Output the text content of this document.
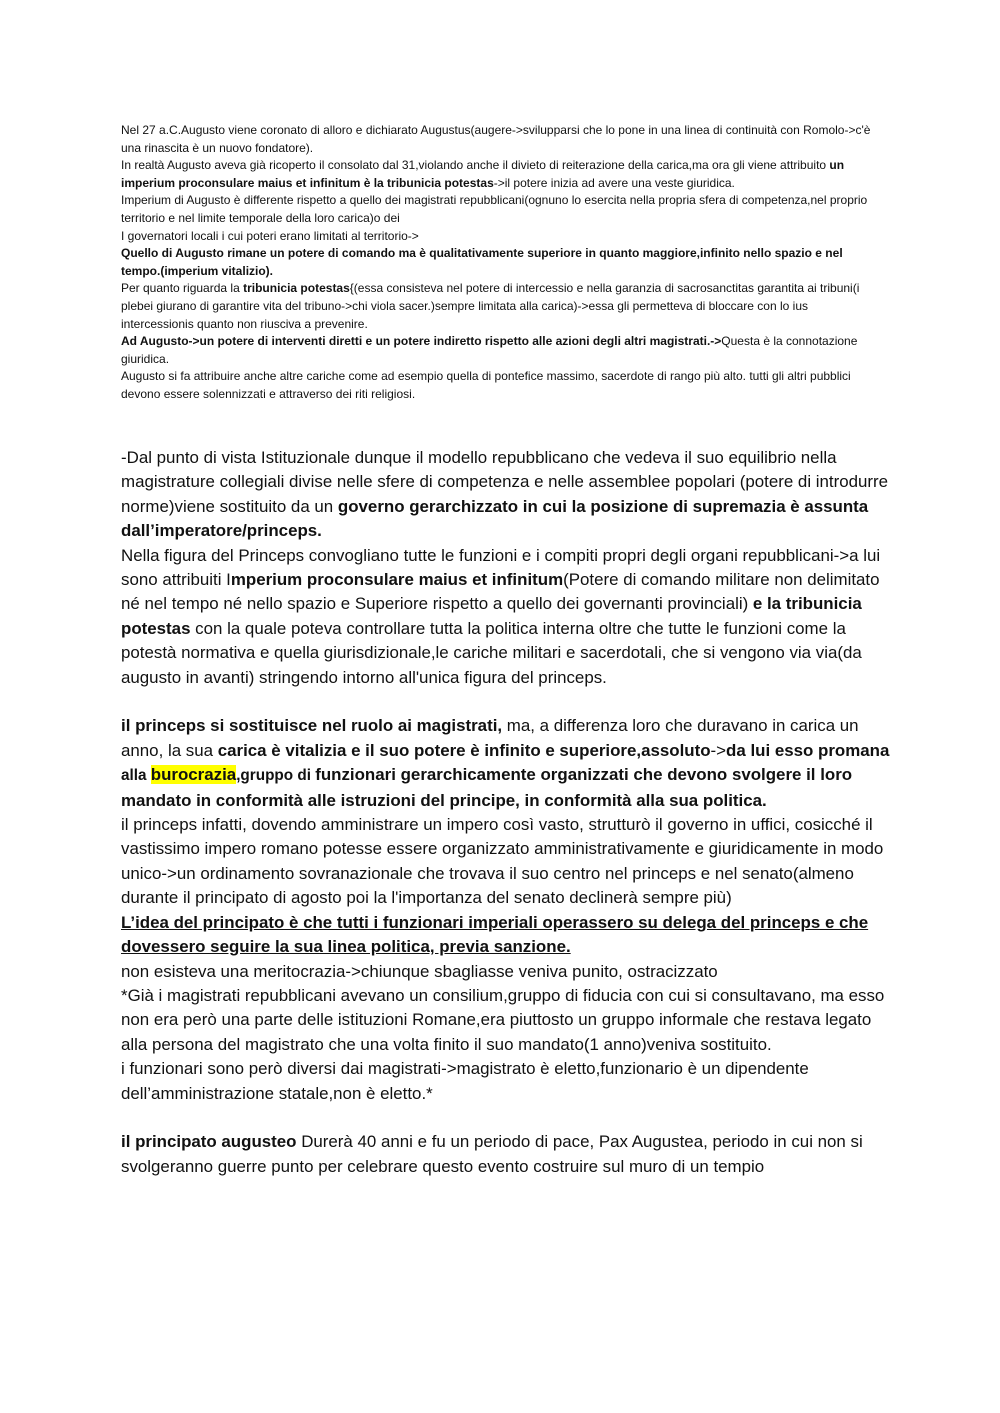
Nel 27 a.C.Augusto viene coronato di alloro e dichiarato Augustus(augere->svilupparsi che lo pone in una linea di continuità con Romolo->c'è una rinascita è un nuovo fondatore).

In realtà Augusto aveva già ricoperto il consolato dal 31,violando anche il divieto di reiterazione della carica,ma ora gli viene attribuito un imperium proconsulare maius et infinitum è la tribunicia potestas->il potere inizia ad avere una veste giuridica.

Imperium di Augusto è differente rispetto a quello dei magistrati repubblicani(ognuno lo esercita nella propria sfera di competenza,nel proprio territorio e nel limite temporale della loro carica)o dei

I governatori locali i cui poteri erano limitati al territorio->

Quello di Augusto rimane un potere di comando ma è qualitativamente superiore in quanto maggiore,infinito nello spazio e nel tempo.(imperium vitalizio).

Per quanto riguarda la tribunicia potestas{(essa consisteva nel potere di intercessio e nella garanzia di sacrosanctitas garantita ai tribuni(i plebei giurano di garantire vita del tribuno->chi viola sacer.)sempre limitata alla carica)->essa gli permetteva di bloccare con lo ius intercessionis quanto non riusciva a prevenire.

Ad Augusto->un potere di interventi diretti e un potere indiretto rispetto alle azioni degli altri magistrati.->Questa è la connotazione giuridica.

Augusto si fa attribuire anche altre cariche come ad esempio quella di pontefice massimo, sacerdote di rango più alto. tutti gli altri pubblici devono essere solennizzati e attraverso dei riti religiosi.

-Dal punto di vista Istituzionale dunque il modello repubblicano che vedeva il suo equilibrio nella magistrature collegiali divise nelle sfere di competenza e nelle assemblee popolari (potere di introdurre norme)viene sostituito da un governo gerarchizzato in cui la posizione di supremazia è assunta dall’imperatore/princeps.

Nella figura del Princeps convogliano tutte le funzioni e i compiti propri degli organi repubblicani->a lui sono attribuiti Imperium proconsulare maius et infinitum(Potere di comando militare non delimitato né nel tempo né nello spazio e Superiore rispetto a quello dei governanti provinciali) e la tribunicia potestas con la quale poteva controllare tutta la politica interna oltre che tutte le funzioni come la potestà normativa e quella giurisdizionale,le cariche militari e sacerdotali, che si vengono via via(da augusto in avanti) stringendo intorno all'unica figura del princeps.

il princeps si sostituisce nel ruolo ai magistrati, ma, a differenza loro che duravano in carica un anno, la sua carica è vitalizia e il suo potere è infinito e superiore,assoluto->da lui esso promana alla burocrazia,gruppo di funzionari gerarchicamente organizzati che devono svolgere il loro mandato in conformità alle istruzioni del principe, in conformità alla sua politica.

il princeps infatti, dovendo amministrare un impero così vasto, strutturò il governo in uffici, cosicché il vastissimo impero romano potesse essere organizzato amministrativamente e giuridicamente in modo unico->un ordinamento sovranazionale che trovava il suo centro nel princeps e nel senato(almeno durante il principato di agosto poi la l'importanza del senato declinerà sempre più)

L’idea del principato è che tutti i funzionari imperiali operassero su delega del princeps e che dovessero seguire la sua linea politica, previa sanzione.

non esisteva una meritocrazia->chiunque sbagliasse veniva punito, ostracizzato

*Già i magistrati repubblicani avevano un consilium,gruppo di fiducia con cui si consultavano, ma esso non era però una parte delle istituzioni Romane,era piuttosto un gruppo informale che restava legato alla persona del magistrato che una volta finito il suo mandato(1 anno)veniva sostituito.

i funzionari sono però diversi dai magistrati->magistrato è eletto,funzionario è un dipendente dell’amministrazione statale,non è eletto.*

il principato augusteo Durerà 40 anni e fu un periodo di pace, Pax Augustea, periodo in cui non si svolgeranno guerre punto per celebrare questo evento costruire sul muro di un tempio
